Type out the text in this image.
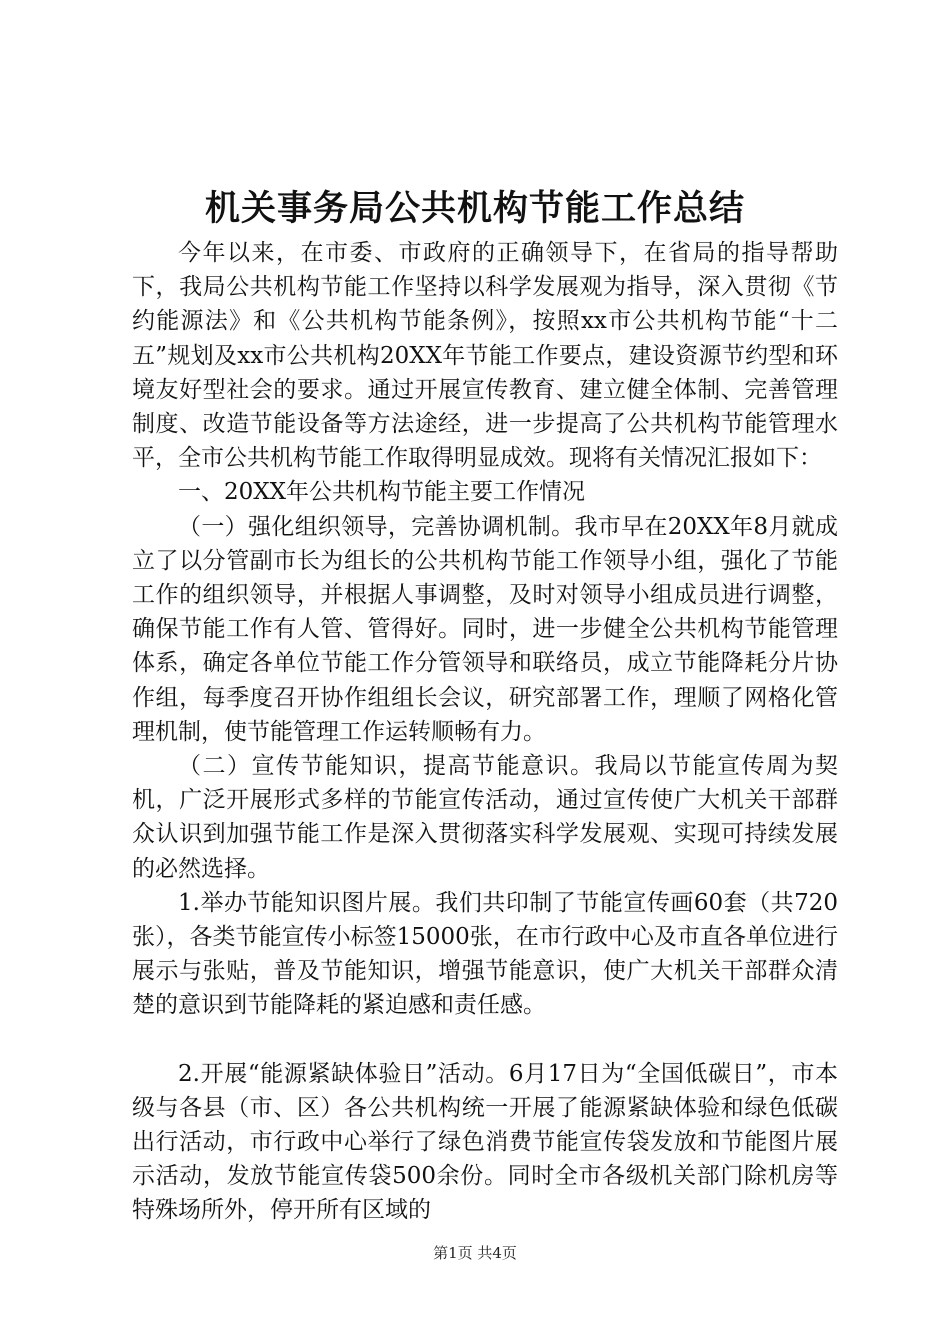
机关事务局公共机构节能工作总结

今年以来，在市委、市政府的正确领导下，在省局的指导帮助下，我局公共机构节能工作坚持以科学发展观为指导，深入贯彻《节约能源法》和《公共机构节能条例》，按照xx市公共机构节能“十二五”规划及xx市公共机构20XX年节能工作要点，建设资源节约型和环境友好型社会的要求。通过开展宣传教育、建立健全体制、完善管理制度、改造节能设备等方法途经，进一步提高了公共机构节能管理水平，全市公共机构节能工作取得明显成效。现将有关情况汇报如下：

一、20XX年公共机构节能主要工作情况

（一）强化组织领导，完善协调机制。我市早在20XX年8月就成立了以分管副市长为组长的公共机构节能工作领导小组，强化了节能工作的组织领导，并根据人事调整，及时对领导小组成员进行调整，确保节能工作有人管、管得好。同时，进一步健全公共机构节能管理体系，确定各单位节能工作分管领导和联络员，成立节能降耗分片协作组，每季度召开协作组组长会议，研究部署工作，理顺了网格化管理机制，使节能管理工作运转顺畅有力。

（二）宣传节能知识，提高节能意识。我局以节能宣传周为契机，广泛开展形式多样的节能宣传活动，通过宣传使广大机关干部群众认识到加强节能工作是深入贯彻落实科学发展观、实现可持续发展的必然选择。

1.举办节能知识图片展。我们共印制了节能宣传画60套（共720张），各类节能宣传小标签15000张，在市行政中心及市直各单位进行展示与张贴，普及节能知识，增强节能意识，使广大机关干部群众清楚的意识到节能降耗的紧迫感和责任感。

2.开展“能源紧缺体验日”活动。6月17日为“全国低碳日”，市本级与各县（市、区）各公共机构统一开展了能源紧缺体验和绿色低碳出行活动，市行政中心举行了绿色消费节能宣传袋发放和节能图片展示活动，发放节能宣传袋500余份。同时全市各级机关部门除机房等特殊场所外，停开所有区域的

第1页 共4页
